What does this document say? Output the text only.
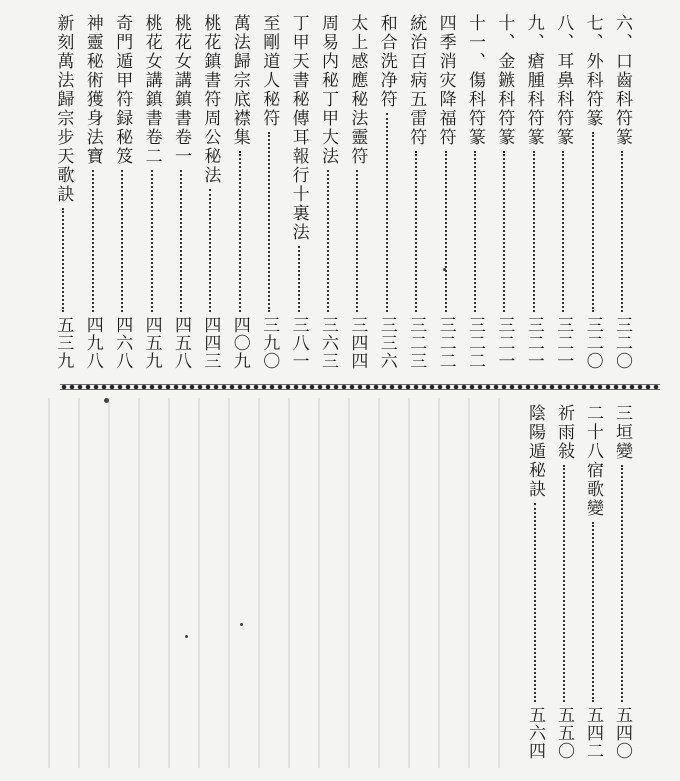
六、口齒科符篆
三二〇
七、外科符篆
三二〇
八、耳鼻科符篆
三二一
九、瘡腫科符篆
三二一
十、金鏃科符篆
三二一
十一、傷科符篆
三二二
四季消灾降福符
三二二
統治百病五雷符
三二三
和合洗净符
三三六
太上感應秘法靈符
三四四
周易内秘丁甲大法
三六三
丁甲天書秘傳耳報行十裏法
三八一
至剛道人秘符
三九〇
萬法歸宗底襟集
四〇九
桃花鎮書符周公秘法
四四三
桃花女講鎮書卷一
四五八
桃花女講鎮書卷二
四五九
奇門遁甲符録秘笈
四六八
神靈秘術獲身法寶
四九八
新刻萬法歸宗步天歌訣
五三九
三垣變
五四〇
二十八宿歌變
五四二
祈雨敍
五五〇
陰陽遁秘訣
五六四
